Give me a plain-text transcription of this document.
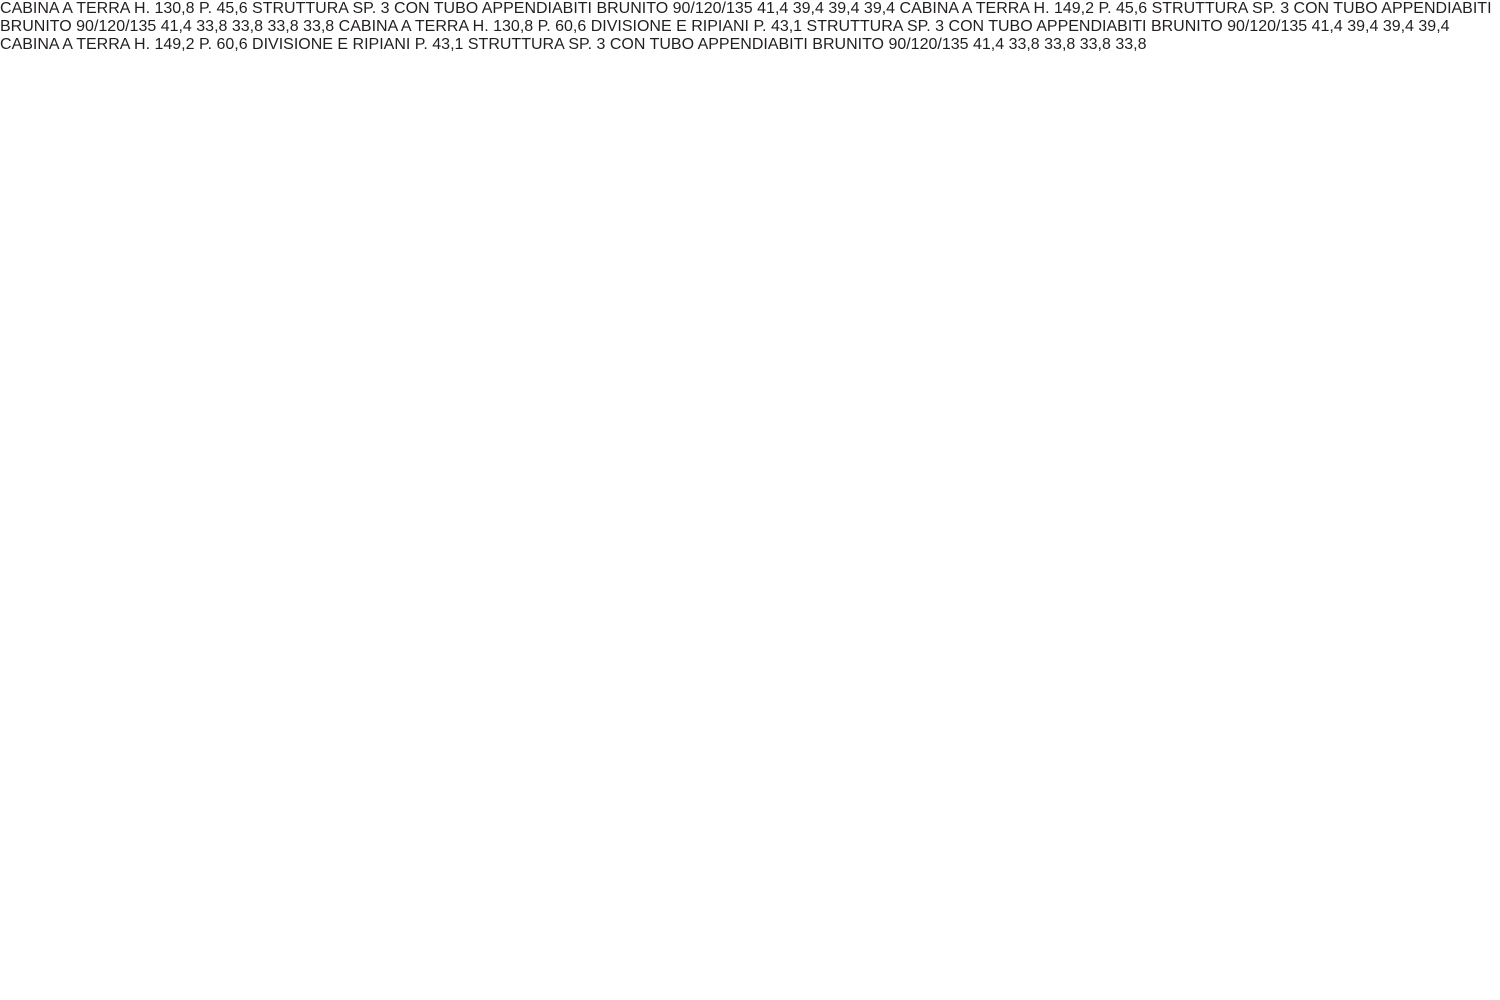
CABINA A TERRA H. 130,8 P. 45,6 STRUTTURA SP. 3 CON TUBO APPENDIABITI BRUNITO 90/120/135 41,4 39,4 39,4 39,4 CABINA A TERRA H. 149,2 P. 45,6 STRUTTURA SP. 3 CON TUBO APPENDIABITI BRUNITO 90/120/135 41,4 33,8 33,8 33,8 33,8 CABINA A TERRA H. 130,8 P. 60,6 DIVISIONE E RIPIANI P. 43,1 STRUTTURA SP. 3 CON TUBO APPENDIABITI BRUNITO 90/120/135 41,4 39,4 39,4 39,4 CABINA A TERRA H. 149,2 P. 60,6 DIVISIONE E RIPIANI P. 43,1 STRUTTURA SP. 3 CON TUBO APPENDIABITI BRUNITO 90/120/135 41,4 33,8 33,8 33,8 33,8
